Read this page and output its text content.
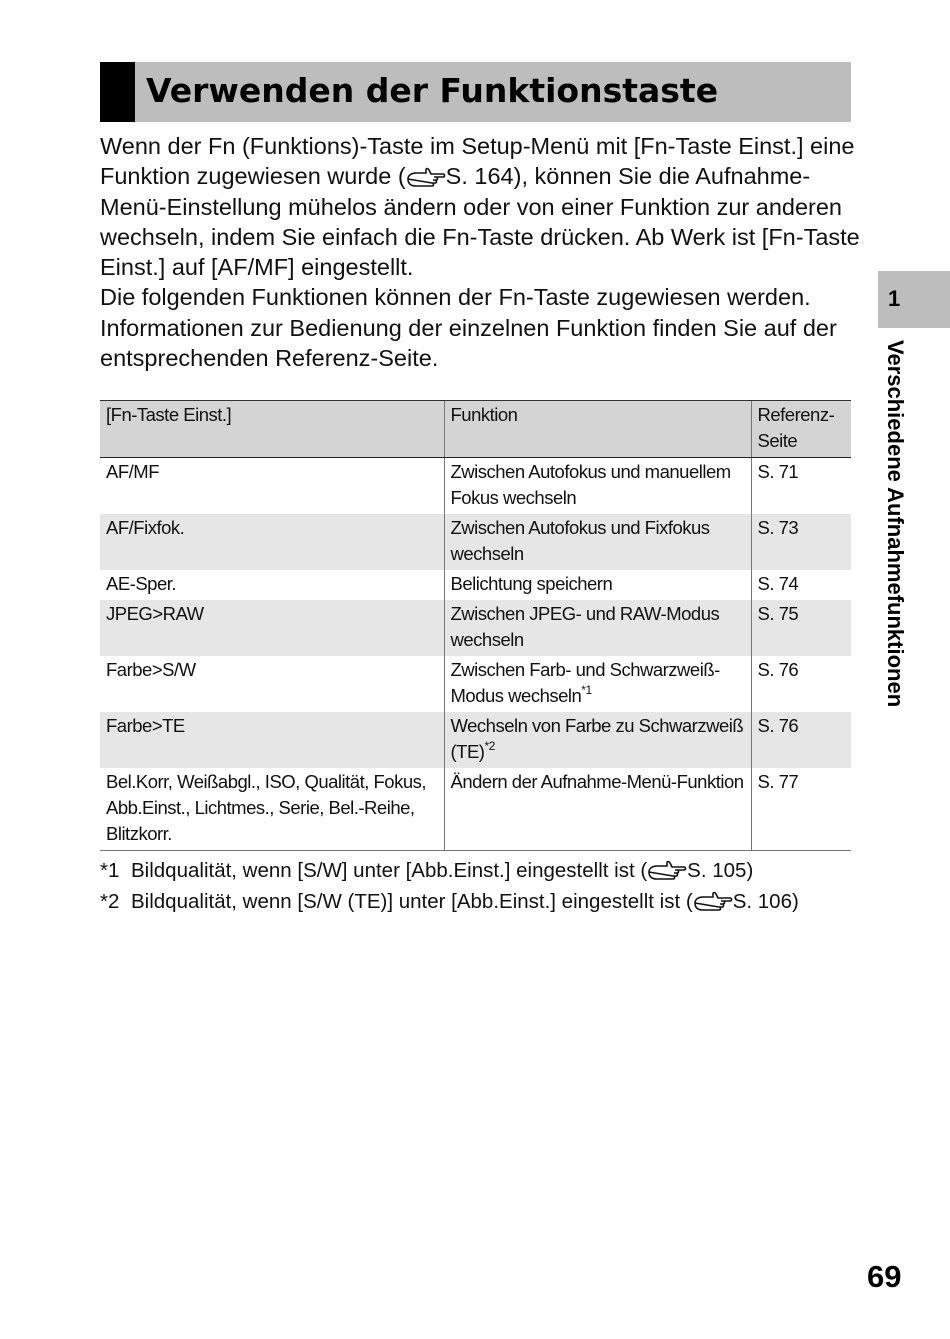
Verwenden der Funktionstaste

Wenn der Fn (Funktions)-Taste im Setup-Menü mit [Fn-Taste Einst.] eine Funktion zugewiesen wurde ( S. 164), können Sie die Aufnahme-Menü-Einstellung mühelos ändern oder von einer Funktion zur anderen wechseln, indem Sie einfach die Fn-Taste drücken. Ab Werk ist [Fn-Taste Einst.] auf [AF/MF] eingestellt.

Die folgenden Funktionen können der Fn-Taste zugewiesen werden. Informationen zur Bedienung der einzelnen Funktion finden Sie auf der entsprechenden Referenz-Seite.

[Fn-Taste Einst.]	Funktion	Referenz-Seite
AF/MF	Zwischen Autofokus und manuellem Fokus wechseln	S. 71
AF/Fixfok.	Zwischen Autofokus und Fixfokus wechseln	S. 73
AE-Sper.	Belichtung speichern	S. 74
JPEG>RAW	Zwischen JPEG- und RAW-Modus wechseln	S. 75
Farbe>S/W	Zwischen Farb- und Schwarzweiß-Modus wechseln$^{*1}$	S. 76
Farbe>TE	Wechseln von Farbe zu Schwarzweiß (TE)$^{*2}$	S. 76
Bel.Korr, Weißabgl., ISO, Qualität, Fokus, Abb.Einst., Lichtmes., Serie, Bel.-Reihe, Blitzkorr.	Ändern der Aufnahme-Menü-Funktion	S. 77
*1 Bildqualität, wenn [S/W] unter [Abb.Einst.] eingestellt ist ( S. 105)
*2 Bildqualität, wenn [S/W (TE)] unter [Abb.Einst.] eingestellt ist ( S. 106)
1
Verschiedene Aufnahmefunktionen
69
